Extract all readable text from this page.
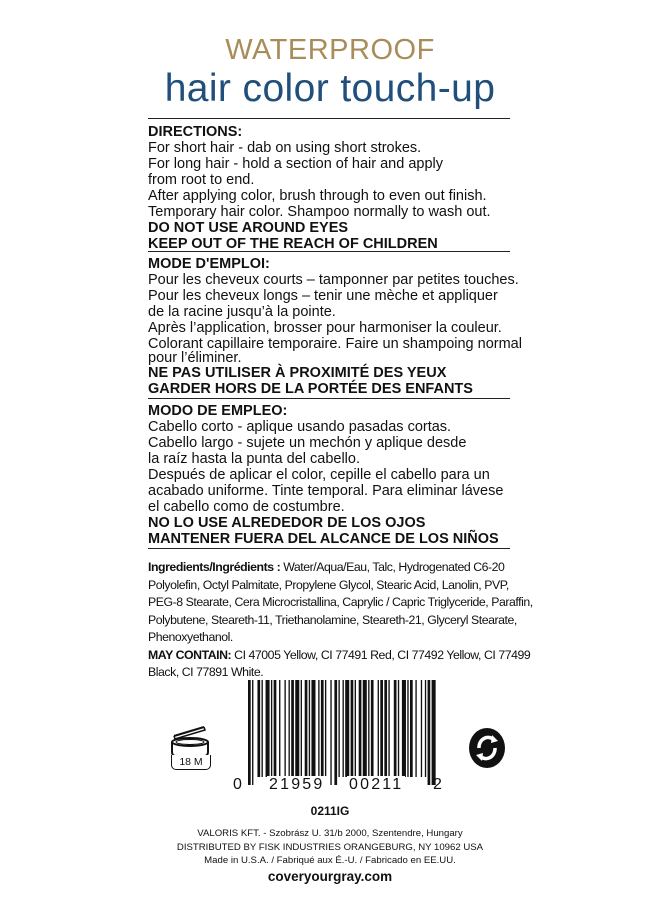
WATERPROOF
hair color touch-up
DIRECTIONS:
For short hair - dab on using short strokes.
For long hair - hold a section of hair and apply
from root to end.
After applying color, brush through to even out finish.
Temporary hair color. Shampoo normally to wash out.
DO NOT USE AROUND EYES
KEEP OUT OF THE REACH OF CHILDREN
MODE D'EMPLOI:
Pour les cheveux courts – tamponner par petites touches.
Pour les cheveux longs – tenir une mèche et appliquer
de la racine jusqu’à la pointe.
Après l’application, brosser pour harmoniser la couleur.
Colorant capillaire temporaire. Faire un shampoing normal
pour l’éliminer.
NE PAS UTILISER À PROXIMITÉ DES YEUX
GARDER HORS DE LA PORTÉE DES ENFANTS
MODO DE EMPLEO:
Cabello corto - aplique usando pasadas cortas.
Cabello largo - sujete un mechón y aplique desde
la raíz hasta la punta del cabello.
Después de aplicar el color, cepille el cabello para un
acabado uniforme. Tinte temporal. Para eliminar lávese
el cabello como de costumbre.
NO LO USE ALREDEDOR DE LOS OJOS
MANTENER FUERA DEL ALCANCE DE LOS NIÑOS
Ingredients/Ingrédients : Water/Aqua/Eau, Talc, Hydrogenated C6-20
Polyolefin, Octyl Palmitate, Propylene Glycol, Stearic Acid, Lanolin, PVP,
PEG-8 Stearate, Cera Microcristallina, Caprylic / Capric Triglyceride, Paraffin,
Polybutene, Steareth-11, Triethanolamine, Steareth-21, Glyceryl Stearate,
Phenoxyethanol.
MAY CONTAIN: CI 47005 Yellow, CI 77491 Red, CI 77492 Yellow, CI 77499
Black, CI 77891 White.
18 M
0 21959 00211 2
0211IG
VALORIS KFT. - Szobrász U. 31/b 2000, Szentendre, Hungary
DISTRIBUTED BY FISK INDUSTRIES ORANGEBURG, NY 10962 USA
Made in U.S.A. / Fabriqué aux É.-U. / Fabricado en EE.UU.
coveryourgray.com
